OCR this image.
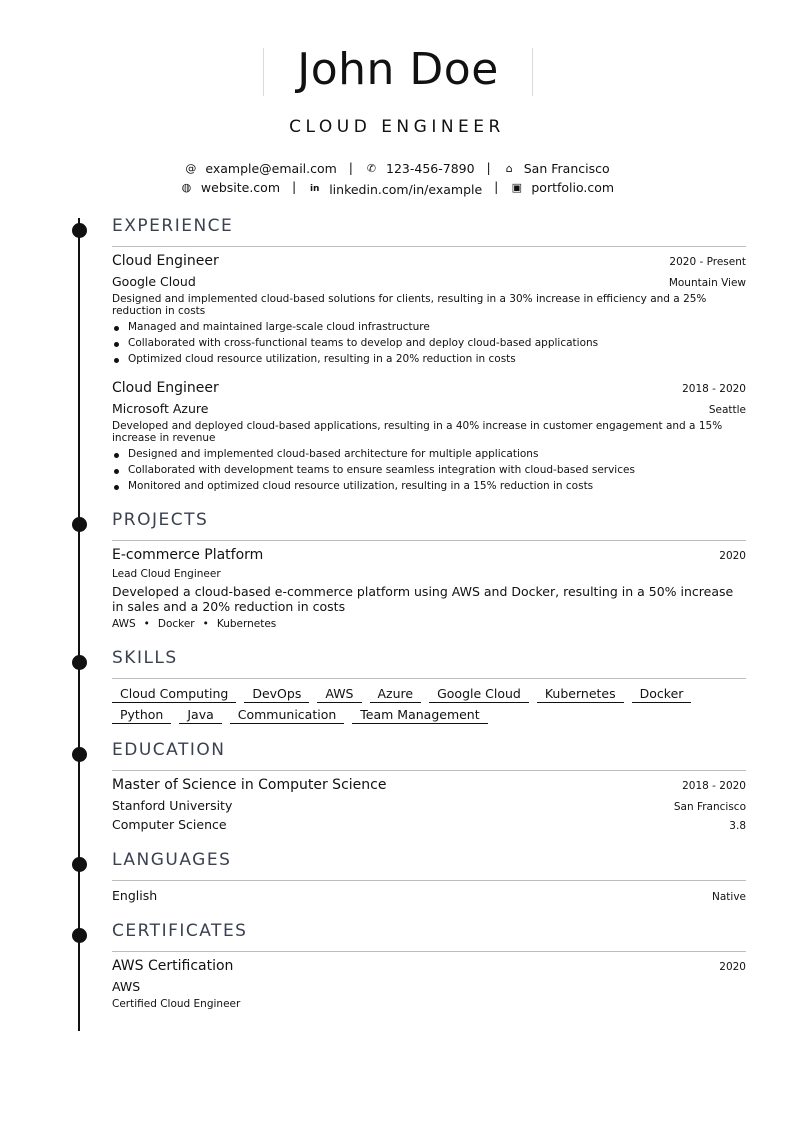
John Doe
CLOUD ENGINEER
@ example@email.com | ✆ 123-456-7890 | ⌂ San Francisco
◍ website.com | in linkedin.com/in/example | ▣ portfolio.com
EXPERIENCE
Cloud Engineer	2020 - Present
Google Cloud	Mountain View
Designed and implemented cloud-based solutions for clients, resulting in a 30% increase in efficiency and a 25% reduction in costs
Managed and maintained large-scale cloud infrastructure
Collaborated with cross-functional teams to develop and deploy cloud-based applications
Optimized cloud resource utilization, resulting in a 20% reduction in costs
Cloud Engineer	2018 - 2020
Microsoft Azure	Seattle
Developed and deployed cloud-based applications, resulting in a 40% increase in customer engagement and a 15% increase in revenue
Designed and implemented cloud-based architecture for multiple applications
Collaborated with development teams to ensure seamless integration with cloud-based services
Monitored and optimized cloud resource utilization, resulting in a 15% reduction in costs
PROJECTS
E-commerce Platform	2020
Lead Cloud Engineer
Developed a cloud-based e-commerce platform using AWS and Docker, resulting in a 50% increase in sales and a 20% reduction in costs
AWS • Docker • Kubernetes
SKILLS
Cloud Computing	DevOps	AWS	Azure	Google Cloud	Kubernetes	Docker
Python	Java	Communication	Team Management
EDUCATION
Master of Science in Computer Science	2018 - 2020
Stanford University	San Francisco
Computer Science	3.8
LANGUAGES
English	Native
CERTIFICATES
AWS Certification	2020
AWS
Certified Cloud Engineer
